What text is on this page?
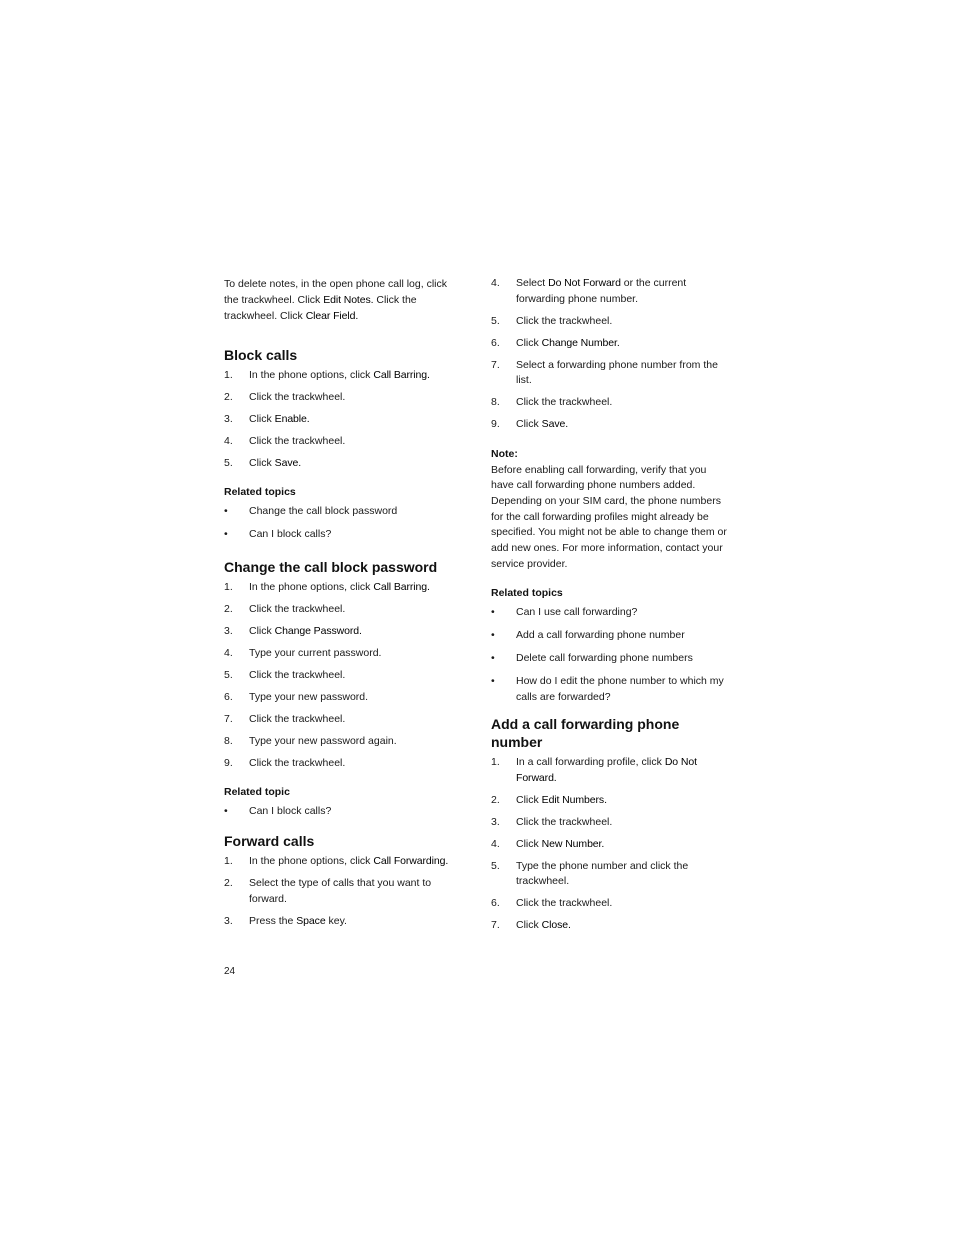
To delete notes, in the open phone call log, click the trackwheel. Click Edit Notes. Click the trackwheel. Click Clear Field.

Block calls
1. In the phone options, click Call Barring.
2. Click the trackwheel.
3. Click Enable.
4. Click the trackwheel.
5. Click Save.
Related topics
• Change the call block password
• Can I block calls?
Change the call block password
1. In the phone options, click Call Barring.
2. Click the trackwheel.
3. Click Change Password.
4. Type your current password.
5. Click the trackwheel.
6. Type your new password.
7. Click the trackwheel.
8. Type your new password again.
9. Click the trackwheel.
Related topic
• Can I block calls?
Forward calls
1. In the phone options, click Call Forwarding.
2. Select the type of calls that you want to forward.
3. Press the Space key.
4. Select Do Not Forward or the current forwarding phone number.
5. Click the trackwheel.
6. Click Change Number.
7. Select a forwarding phone number from the list.
8. Click the trackwheel.
9. Click Save.
Note:

Before enabling call forwarding, verify that you have call forwarding phone numbers added. Depending on your SIM card, the phone numbers for the call forwarding profiles might already be specified. You might not be able to change them or add new ones. For more information, contact your service provider.

Related topics
• Can I use call forwarding?
• Add a call forwarding phone number
• Delete call forwarding phone numbers
• How do I edit the phone number to which my calls are forwarded?
Add a call forwarding phone number
1. In a call forwarding profile, click Do Not Forward.
2. Click Edit Numbers.
3. Click the trackwheel.
4. Click New Number.
5. Type the phone number and click the trackwheel.
6. Click the trackwheel.
7. Click Close.
24
